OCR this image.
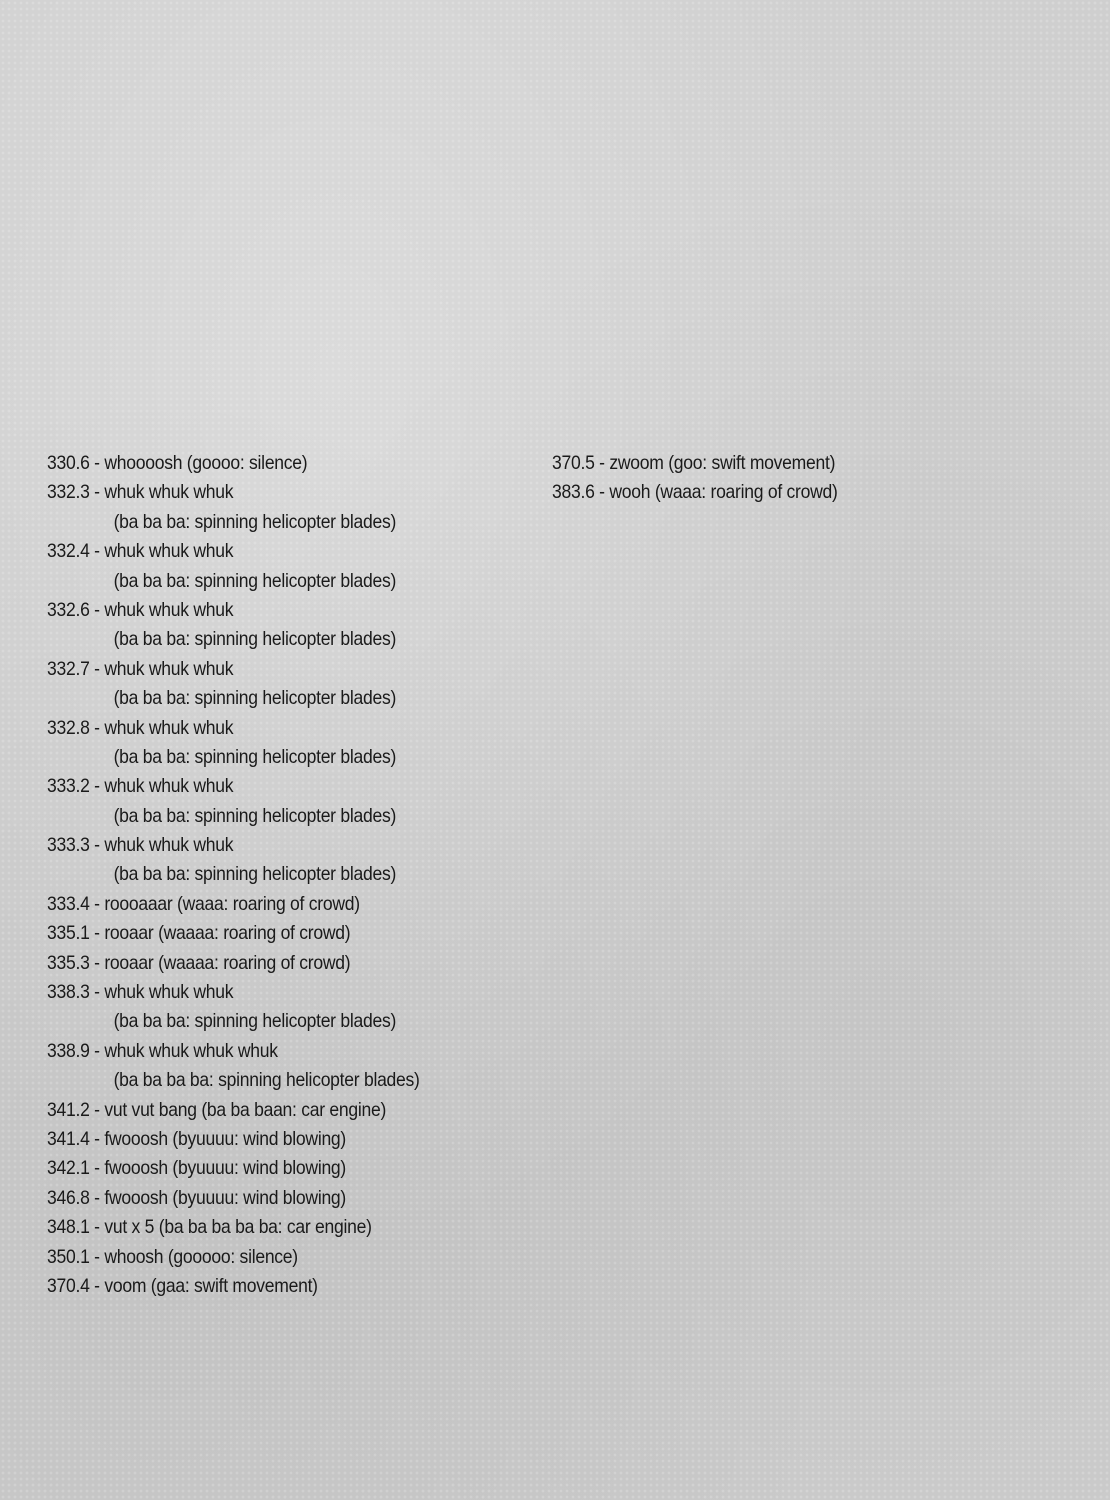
330.6 - whoooosh (goooo: silence)
332.3 - whuk whuk whuk
(ba ba ba: spinning helicopter blades)
332.4 - whuk whuk whuk
(ba ba ba: spinning helicopter blades)
332.6 - whuk whuk whuk
(ba ba ba: spinning helicopter blades)
332.7 - whuk whuk whuk
(ba ba ba: spinning helicopter blades)
332.8 - whuk whuk whuk
(ba ba ba: spinning helicopter blades)
333.2 - whuk whuk whuk
(ba ba ba: spinning helicopter blades)
333.3 - whuk whuk whuk
(ba ba ba: spinning helicopter blades)
333.4 - roooaaar (waaa: roaring of crowd)
335.1 - rooaar (waaaa: roaring of crowd)
335.3 - rooaar (waaaa: roaring of crowd)
338.3 - whuk whuk whuk
(ba ba ba: spinning helicopter blades)
338.9 - whuk whuk whuk whuk
(ba ba ba ba: spinning helicopter blades)
341.2 - vut vut bang (ba ba baan: car engine)
341.4 - fwooosh (byuuuu: wind blowing)
342.1 - fwooosh (byuuuu: wind blowing)
346.8 - fwooosh (byuuuu: wind blowing)
348.1 - vut x 5 (ba ba ba ba ba: car engine)
350.1 - whoosh (gooooo: silence)
370.4 - voom (gaa: swift movement)
370.5 - zwoom (goo: swift movement)
383.6 - wooh (waaa: roaring of crowd)
